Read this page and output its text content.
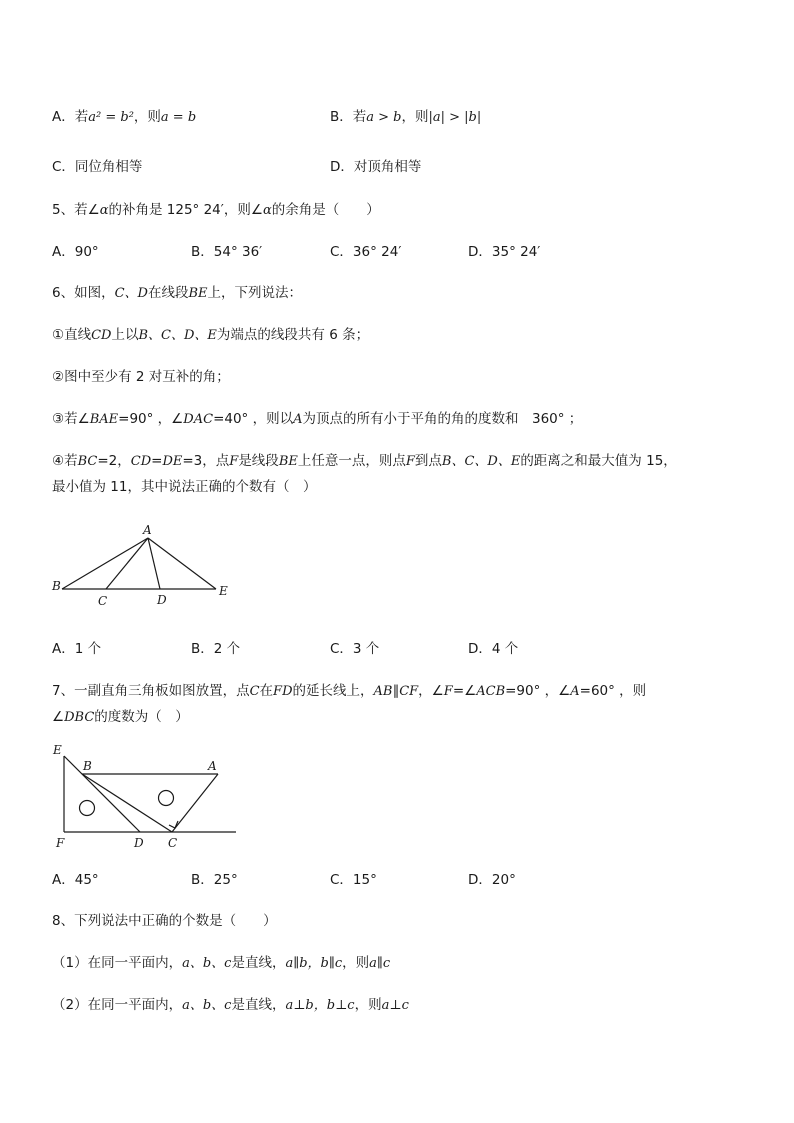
A．若a² = b²，则a = b	B．若a > b，则|a| > |b|
C．同位角相等	D．对顶角相等
5、若∠α的补角是 125° 24′，则∠α的余角是（　　）
A．90°	B．54° 36′	C．36° 24′	D．35° 24′
6、如图，C、D在线段BE上，下列说法：
①直线CD上以B、C、D、E为端点的线段共有 6 条；
②图中至少有 2 对互补的角；
③若∠BAE=90° ，∠DAC=40° ，则以A为顶点的所有小于平角的角的度数和　360° ；
④若BC=2，CD=DE=3，点F是线段BE上任意一点，则点F到点B、C、D、E的距离之和最大值为 15，
最小值为 11，其中说法正确的个数有（　）
A
B
C	D
E
A．1 个	B．2 个	C．3 个	D．4 个
7、一副直角三角板如图放置，点C在FD的延长线上，AB∥CF，∠F=∠ACB=90° ，∠A=60° ，则
∠DBC的度数为（　）
E
B	A
F	D C
A．45°	B．25°	C．15°	D．20°
8、下列说法中正确的个数是（　　）
（1）在同一平面内，a、b、c是直线，a∥b，b∥c，则a∥c
（2）在同一平面内，a、b、c是直线，a⊥b，b⊥c，则a⊥c
